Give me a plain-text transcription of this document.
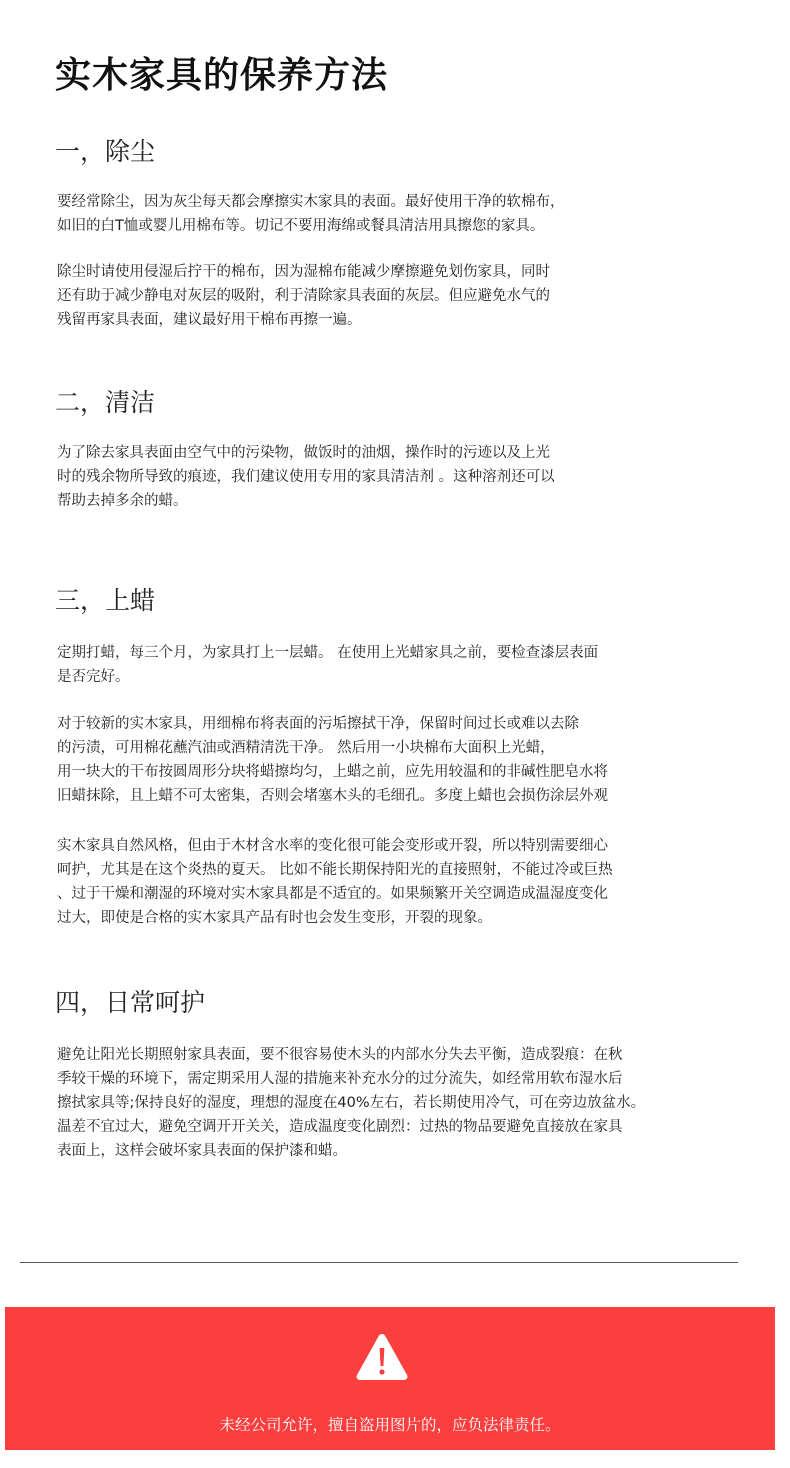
实木家具的保养方法
一，除尘

要经常除尘，因为灰尘每天都会摩擦实木家具的表面。最好使用干净的软棉布，
如旧的白T恤或婴儿用棉布等。切记不要用海绵或餐具清洁用具擦您的家具。

除尘时请使用侵湿后拧干的棉布，因为湿棉布能减少摩擦避免划伤家具，同时
还有助于减少静电对灰层的吸附，利于清除家具表面的灰层。但应避免水气的
残留再家具表面，建议最好用干棉布再擦一遍。

二，清洁

为了除去家具表面由空气中的污染物，做饭时的油烟，操作时的污迹以及上光
时的残余物所导致的痕迹，我们建议使用专用的家具清洁剂 。这种溶剂还可以
帮助去掉多余的蜡。

三，上蜡

定期打蜡，每三个月，为家具打上一层蜡。 在使用上光蜡家具之前，要检查漆层表面
是否完好。

对于较新的实木家具，用细棉布将表面的污垢擦拭干净，保留时间过长或难以去除
的污渍，可用棉花蘸汽油或酒精清洗干净。 然后用一小块棉布大面积上光蜡，
用一块大的干布按圆周形分块将蜡擦均匀，上蜡之前，应先用较温和的非碱性肥皂水将
旧蜡抹除，且上蜡不可太密集，否则会堵塞木头的毛细孔。多度上蜡也会损伤涂层外观

实木家具自然风格，但由于木材含水率的变化很可能会变形或开裂，所以特别需要细心
呵护，尤其是在这个炎热的夏天。 比如不能长期保持阳光的直接照射，不能过冷或巨热
、过于干燥和潮湿的环境对实木家具都是不适宜的。如果频繁开关空调造成温湿度变化
过大，即使是合格的实木家具产品有时也会发生变形，开裂的现象。

四，日常呵护

避免让阳光长期照射家具表面，要不很容易使木头的内部水分失去平衡，造成裂痕：在秋
季较干燥的环境下，需定期采用人湿的措施来补充水分的过分流失，如经常用软布湿水后
擦拭家具等;保持良好的湿度，理想的湿度在40%左右，若长期使用冷气，可在旁边放盆水。
温差不宜过大，避免空调开开关关，造成温度变化剧烈：过热的物品要避免直接放在家具
表面上，这样会破坏家具表面的保护漆和蜡。

未经公司允许，擅自盗用图片的，应负法律责任。
